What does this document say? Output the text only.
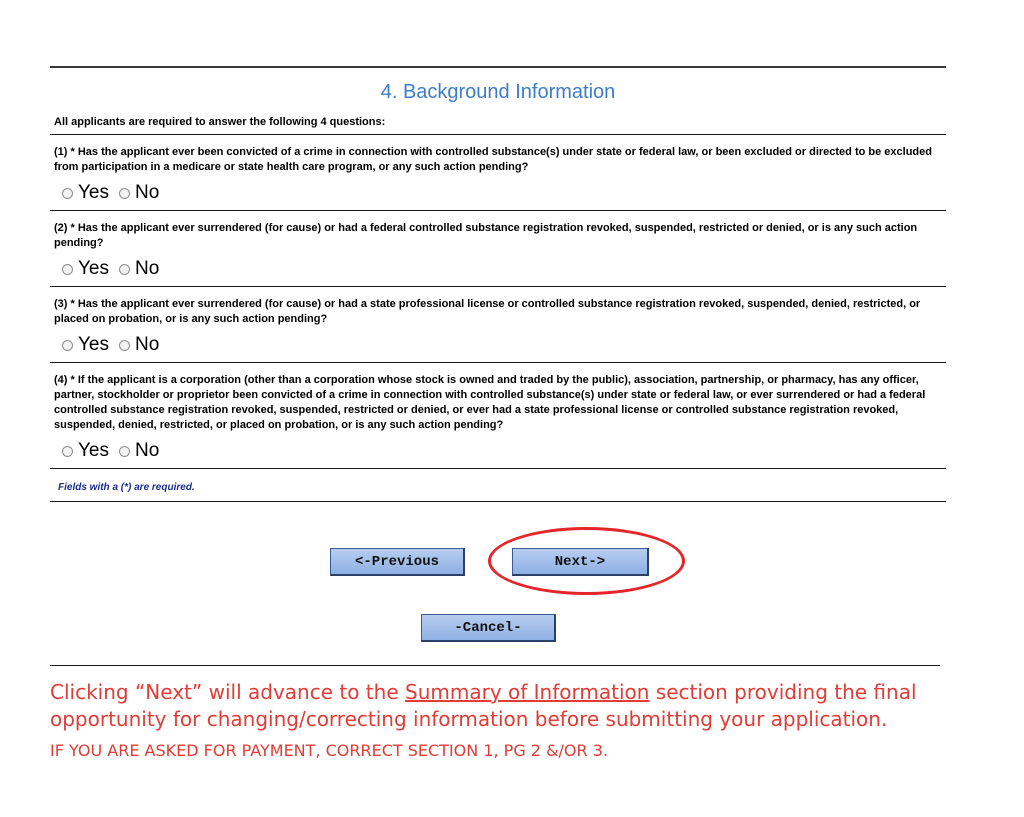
4. Background Information
All applicants are required to answer the following 4 questions:
(1) * Has the applicant ever been convicted of a crime in connection with controlled substance(s) under state or federal law, or been excluded or directed to be excluded from participation in a medicare or state health care program, or any such action pending?
Yes No
(2) * Has the applicant ever surrendered (for cause) or had a federal controlled substance registration revoked, suspended, restricted or denied, or is any such action pending?
Yes No
(3) * Has the applicant ever surrendered (for cause) or had a state professional license or controlled substance registration revoked, suspended, denied, restricted, or placed on probation, or is any such action pending?
Yes No
(4) * If the applicant is a corporation (other than a corporation whose stock is owned and traded by the public), association, partnership, or pharmacy, has any officer, partner, stockholder or proprietor been convicted of a crime in connection with controlled substance(s) under state or federal law, or ever surrendered or had a federal controlled substance registration revoked, suspended, restricted or denied, or ever had a state professional license or controlled substance registration revoked, suspended, denied, restricted, or placed on probation, or is any such action pending?
Yes No
Fields with a (*) are required.
<-Previous	Next->
-Cancel-
Clicking “Next” will advance to the Summary of Information section providing the final opportunity for changing/correcting information before submitting your application.
IF YOU ARE ASKED FOR PAYMENT, CORRECT SECTION 1, PG 2 &/OR 3.
